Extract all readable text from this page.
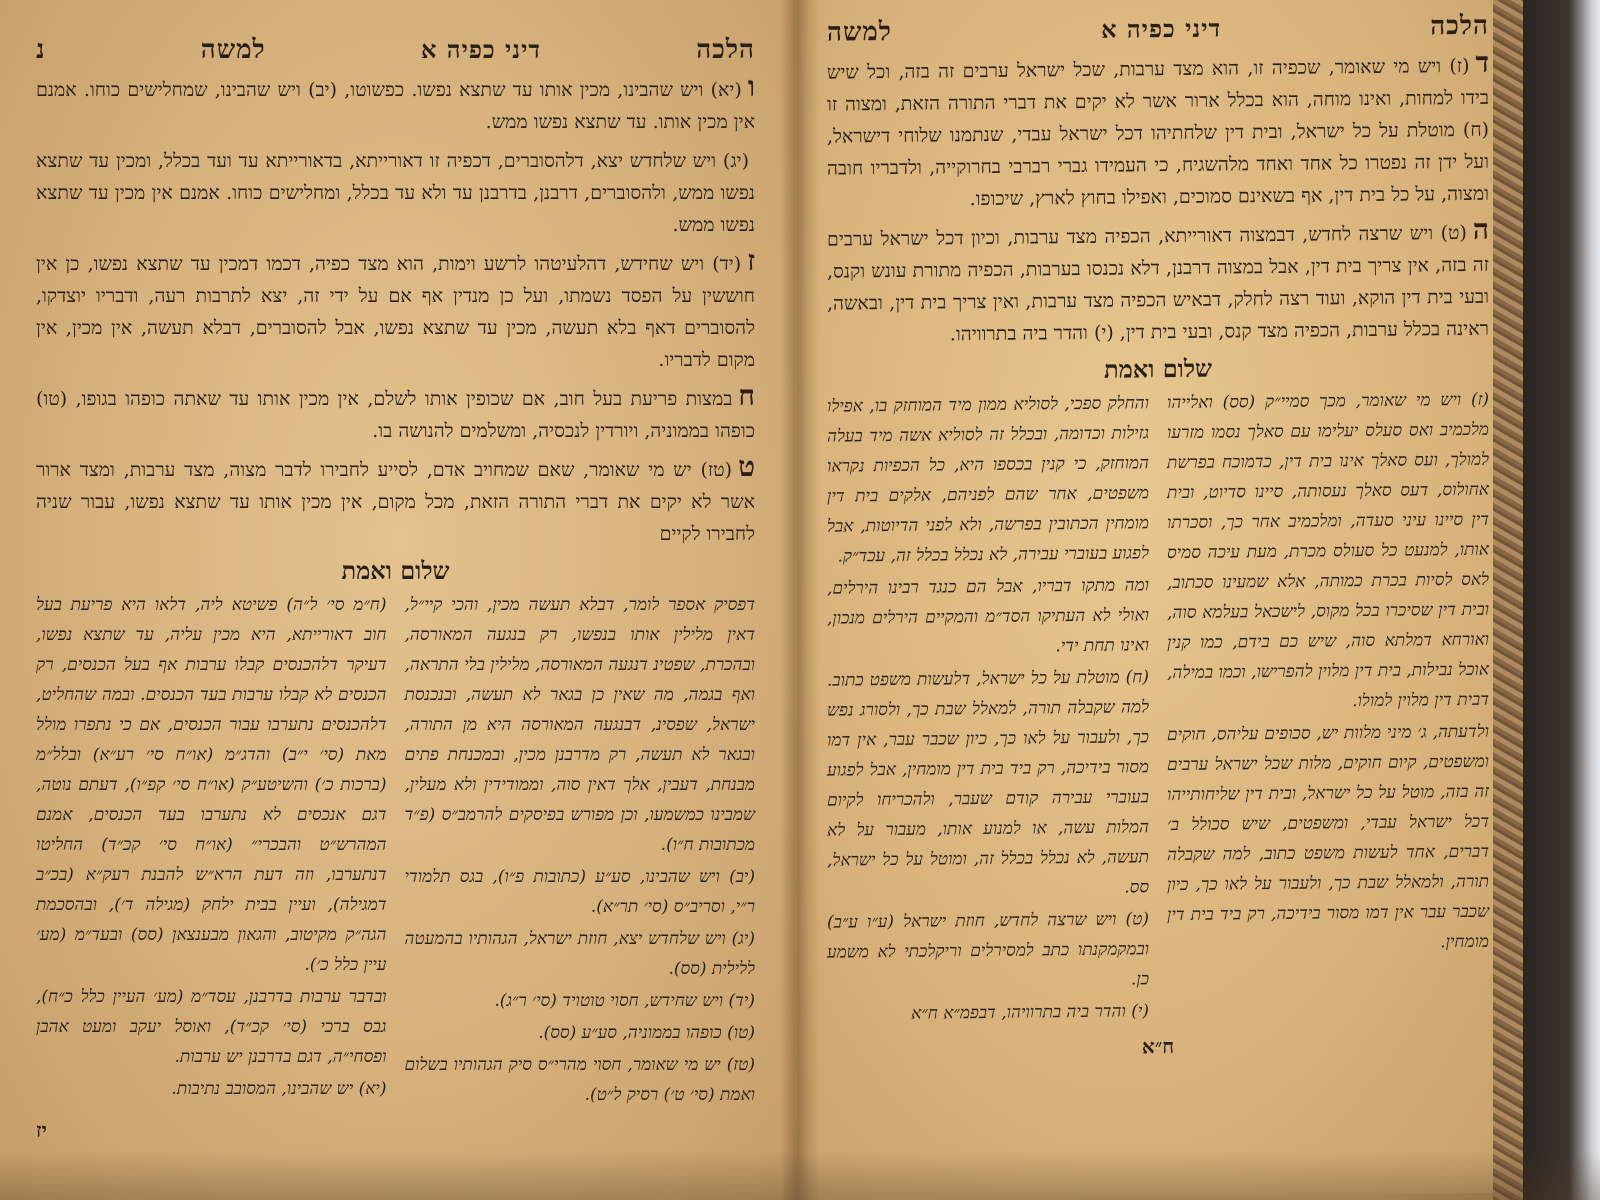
הלכה
דיני כפיה א
למשה
נ

ו(יא) ויש שהבינו, מכין אותו עד שתצא נפשו. כפשוטו, (יב) ויש שהבינו, שמחלישים כוחו. אמנם אין מכין אותו. עד שתצא נפשו ממש.

(יג) ויש שלחדש יצא, דלהסוברים, דכפיה זו דאורייתא, בדאורייתא עד ועד בכלל, ומכין עד שתצא נפשו ממש, ולהסוברים, דרבנן, בדרבנן עד ולא עד בכלל, ומחלישים כוחו. אמנם אין מכין עד שתצא נפשו ממש.

ז(יד) ויש שחידש, דהלעיטהו לרשע וימות, הוא מצד כפיה, דכמו דמכין עד שתצא נפשו, כן אין חוששין על הפסד נשמתו, ועל כן מנדין אף אם על ידי זה, יצא לתרבות רעה, ודבריו יוצדקו, להסוברים דאף בלא תעשה, מכין עד שתצא נפשו, אבל להסוברים, דבלא תעשה, אין מכין, אין מקום לדבריו.

חבמצות פריעת בעל חוב, אם שכופין אותו לשלם, אין מכין אותו עד שאתה כופהו בגופו, (טו) כופהו בממוניה, ויורדין לנכסיה, ומשלמים להנושה בו.

ט(טז) יש מי שאומר, שאם שמחויב אדם, לסייע לחבירו לדבר מצוה, מצד ערבות, ומצד ארור אשר לא יקים את דברי התורה הזאת, מכל מקום, אין מכין אותו עד שתצא נפשו, עבור שניה לחבירו לקיים

שלום ואמת

דפסיק אספר לומר, דבלא תעשה מכין, והכי קיי״ל, דאין מלילין אותו בנפשו, רק בנגעה המאורסה, ובהכרת, שפטינ דנגעה המאורסה, מלילין בלי התראה, ואף בגמה, מה שאין כן בגאר לא תעשה, ובנכנסת ישראל, שפסינ, דבנגעה המאורסה היא מן התורה, ובגאר לא תעשה, רק מדרבנן מכין, ובמכנחת פתים מבנחת, דעבין, אלך דאין סוה, וממודידין ולא מעלין, שמבינו כמשמעו, וכן מפורש בפיסקים להרמב״ס (פ״ד מכתובות ח״ו).

(יב) ויש שהבינו, סע״ע (כתובות פ״ו), בגס תלמודי ר״י, וסריב״ס (סי׳ תר״א).

(יג) ויש שלחדש יצא, חוזת ישראל, הגהותיו בהמעטה ללילית (סס).

(יד) ויש שחידש, חסוי טוטויד (סי׳ ר״ג).

(טו) כופהו בממוניה, סע״ע (סס).

(טז) יש מי שאומר, חסוי מהרי״ס סיק הגהותיו בשלום ואמת (סי׳ ט׳) רסיק ל״ט).

(ח״מ סי׳ ל״ה) פשיטא ליה, דלאו היא פריעת בעל חוב דאורייתא, היא מכין עליה, עד שתצא נפשו, דעיקר דלהכנסים קבלו ערבות אף בעל הכנסים, רק הכנסים לא קבלו ערבות בעד הכנסים. ובמה שהחליט, דלהכנסים נתערבו עבור הכנסים, אם כי נתפרו מולל מאת (סי׳ י״ב) והדג״מ (או״ח סי׳ רע״א) ובלל״מ (ברכות כ׳) והשיטע״ק (או״ח סי׳ קפ״ו), דעתם נוטה, דגם אנכסים לא נתערבו בעד הכנסים, אמנם המהרש״ט והבכרי״ (או״ח סי׳ קכ״ד) החליטו דנתערבו, וזה דעת הרא״ש להבנת רעק״א (בכ״ב דמגילה), ועיין בבית ילחק (מגילה ד׳), ובהסכמת הגה״ק מקיטוב, והגאון מבענצאן (סס) ובעד״מ (מע׳ עיין כלל כ׳).

ובדבר ערבות בדרבנן, עסד״מ (מע׳ העיין כלל כ״ח), גבס ברכי (סי׳ קכ״ד), ואוסל יעקב ומעט אהבן ופסחי״ה, דגם בדרבנן יש ערבות.

(יא) יש שהבינו, המסובב נתיבות.

יז
הלכה
דיני כפיה א
למשה

ד(ז) ויש מי שאומר, שכפיה זו, הוא מצד ערבות, שכל ישראל ערבים זה בזה, וכל שיש בידו למחות, ואינו מוחה, הוא בכלל ארור אשר לא יקים את דברי התורה הזאת, ומצוה זו (ח) מוטלת על כל ישראל, ובית דין שלחתיהו דכל ישראל עבדי, שנתמנו שלוחי דישראל, ועל ידן זה נפטרו כל אחד ואחד מלהשגיח, כי העמידו גברי רברבי בחרוקייה, ולדבריו חובה ומצוה, על כל בית דין, אף בשאינם סמוכים, ואפילו בחוץ לארץ, שיכופו.

ה(ט) ויש שרצה לחדש, דבמצוה דאורייתא, הכפיה מצד ערבות, וכיון דכל ישראל ערבים זה בזה, אין צריך בית דין, אבל במצוה דרבנן, דלא נכנסו בערבות, הכפיה מתורת עונש וקנס, ובעי בית דין הוקא, ועוד רצה לחלק, דבאיש הכפיה מצד ערבות, ואין צריך בית דין, ובאשה, ראינה בכלל ערבות, הכפיה מצד קנס, ובעי בית דין, (י) והדר ביה בתרוויהו.

שלום ואמת

(ז) ויש מי שאומר, מכך סמיי״ק (סס) ואלייהו מלכמיב ואס סעלס יעלימו עם סאלך נסמו מזרעו למולך, ועס סאלך אינו בית דין, כדמוכח בפרשת אחולוס, דעס סאלך נעסותה, סיינו סדיוט, ובית דין סיינו עיני סעדה, ומלכמיב אחר כך, וסכרתו אותו, למנעט כל סעולס מכרת, מעת עיכה סמיס לאס לסיות בכרת כמותה, אלא שמעינו סכתוב, ובית דין שסיכרו בכל מקוס, לישכאל בעלמא סוה, ואורחא דמלתא סוה, שיש כם בידם, כמו קנין אוכל נבילות, בית דין מלוין להפרישו, וכמו במילה, דבית דין מלוין למולו.

ולדעתה, ג׳ מיני מלוות יש, סכופים עליהס, חוקים ומשפטים, קיום חוקים, מלות שכל ישראל ערבים זה בזה, מוטל על כל ישראל, ובית דין שליחותייהו דכל ישראל עבדי, ומשפטים, שיש סכולל ב׳ דברים, אחד לעשות משפט כתוב, למה שקבלה תורה, ולמאלל שבת כך, ולעבור על לאו כך, כיון שכבר עבר אין דמו מסור בידיכה, רק ביד בית דין מומחין.

והחלק ספכי, לסוליא ממון מיד המוחזק בו, אפילו גזילות וכדומה, ובכלל זה לסוליא אשה מיד בעלה המוחזק, כי קנין בכספו היא, כל הכפיות נקראו משפטים, אחר שהם לפניהם, אלקים בית דין מומחין הכתובין בפרשה, ולא לפני הדיוטות, אבל לפגוע בעוברי עבירה, לא נכלל בכלל זה, עכד״ק.

ומה מתקו דבריו, אבל הם כנגד רבינו הירלים, ואולי לא העתיקו הסד״מ והמקיים הירלים מנכון, ואינו תחת ידי.

(ח) מוטלת על כל ישראל, דלעשות משפט כתוב. למה שקבלה תורה, למאלל שבת כך, ולסורג נפש כך, ולעבור על לאו כך, כיון שכבר עבר, אין דמו מסור בידיכה, רק ביד בית דין מומחין, אבל לפגוע בעוברי עבירה קודם שעבר, ולהכריחו לקיום המלות עשה, או למנוע אותו, מעבור על לא תעשה, לא נכלל בכלל זה, ומוטל על כל ישראל, סס.

(ט) ויש שרצה לחדש, חוזת ישראל (ע״ו ע״ב) ובמקמקנתו כתב למסירלים וריקלכתי לא משמע כן.

(י) והדר ביה בתרוויהו, דבפמ״א ח״א

ח״א
